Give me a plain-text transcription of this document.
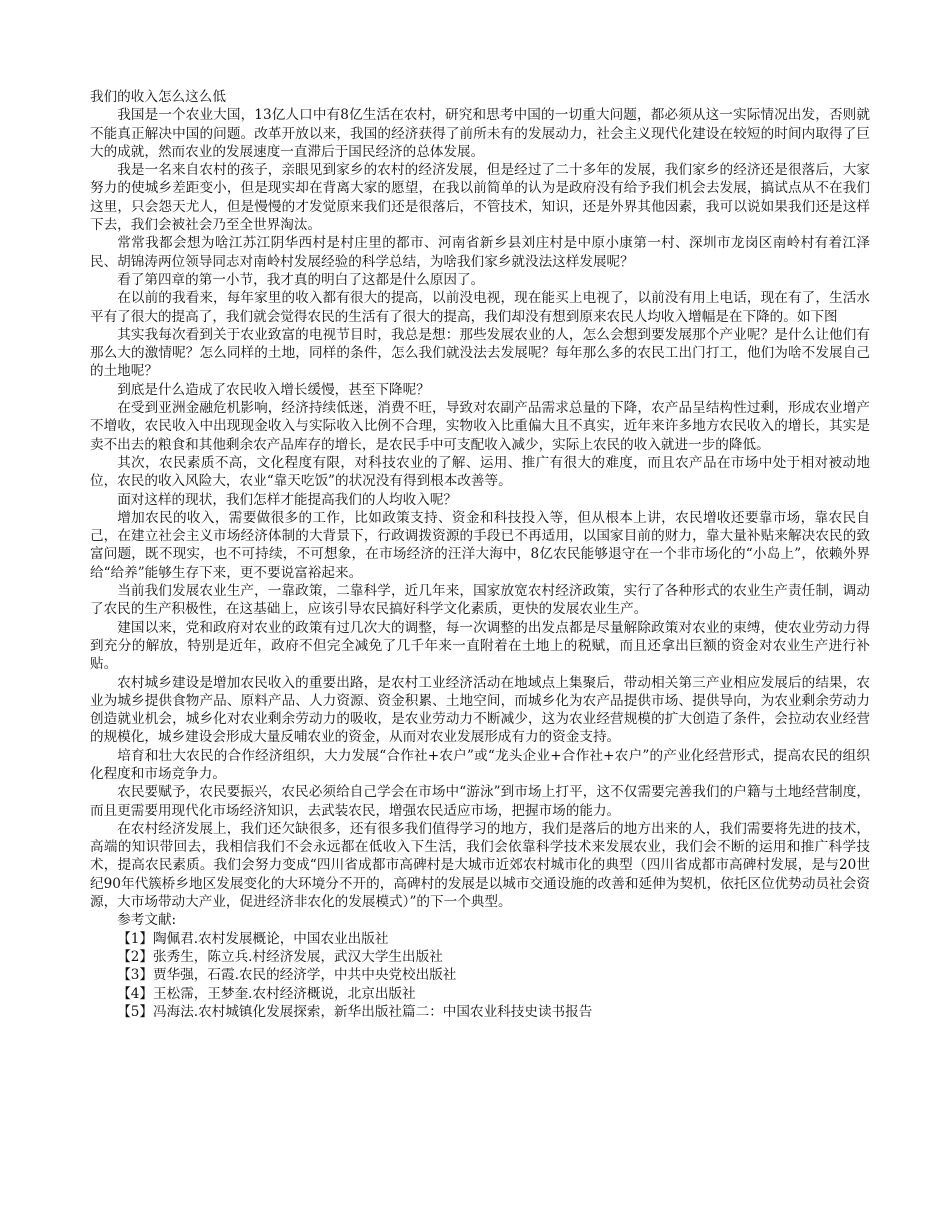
我们的收入怎么这么低

我国是一个农业大国，13亿人口中有8亿生活在农村，研究和思考中国的一切重大问题，都必须从这一实际情况出发，否则就不能真正解决中国的问题。改革开放以来，我国的经济获得了前所未有的发展动力，社会主义现代化建设在较短的时间内取得了巨大的成就，然而农业的发展速度一直滞后于国民经济的总体发展。

我是一名来自农村的孩子，亲眼见到家乡的农村的经济发展，但是经过了二十多年的发展，我们家乡的经济还是很落后，大家努力的使城乡差距变小，但是现实却在背离大家的愿望，在我以前简单的认为是政府没有给予我们机会去发展，搞试点从不在我们这里，只会怨天尤人，但是慢慢的才发觉原来我们还是很落后，不管技术，知识，还是外界其他因素，我可以说如果我们还是这样下去，我们会被社会乃至全世界淘汰。

常常我都会想为啥江苏江阴华西村是村庄里的都市、河南省新乡县刘庄村是中原小康第一村、深圳市龙岗区南岭村有着江泽民、胡锦涛两位领导同志对南岭村发展经验的科学总结，为啥我们家乡就没法这样发展呢？

看了第四章的第一小节，我才真的明白了这都是什么原因了。

在以前的我看来，每年家里的收入都有很大的提高，以前没电视，现在能买上电视了，以前没有用上电话，现在有了，生活水平有了很大的提高了，我们就会觉得农民的生活有了很大的提高，我们却没有想到原来农民人均收入增幅是在下降的。如下图

其实我每次看到关于农业致富的电视节目时，我总是想：那些发展农业的人，怎么会想到要发展那个产业呢？是什么让他们有那么大的激情呢？怎么同样的土地，同样的条件，怎么我们就没法去发展呢？每年那么多的农民工出门打工，他们为啥不发展自己的土地呢？

到底是什么造成了农民收入增长缓慢，甚至下降呢？

在受到亚洲金融危机影响，经济持续低迷，消费不旺，导致对农副产品需求总量的下降，农产品呈结构性过剩，形成农业增产不增收，农民收入中出现现金收入与实际收入比例不合理，实物收入比重偏大且不真实，近年来许多地方农民收入的增长，其实是卖不出去的粮食和其他剩余农产品库存的增长，是农民手中可支配收入减少，实际上农民的收入就进一步的降低。

其次，农民素质不高，文化程度有限，对科技农业的了解、运用、推广有很大的难度，而且农产品在市场中处于相对被动地位，农民的收入风险大，农业“靠天吃饭”的状况没有得到根本改善等。

面对这样的现状，我们怎样才能提高我们的人均收入呢？

增加农民的收入，需要做很多的工作，比如政策支持、资金和科技投入等，但从根本上讲，农民增收还要靠市场，靠农民自己，在建立社会主义市场经济体制的大背景下，行政调拨资源的手段已不再适用，以国家目前的财力，靠大量补贴来解决农民的致富问题，既不现实，也不可持续，不可想象，在市场经济的汪洋大海中，8亿农民能够退守在一个非市场化的“小岛上”，依赖外界给“给养”能够生存下来，更不要说富裕起来。

当前我们发展农业生产，一靠政策，二靠科学，近几年来，国家放宽农村经济政策，实行了各种形式的农业生产责任制，调动了农民的生产积极性，在这基础上，应该引导农民搞好科学文化素质，更快的发展农业生产。

建国以来，党和政府对农业的政策有过几次大的调整，每一次调整的出发点都是尽量解除政策对农业的束缚，使农业劳动力得到充分的解放，特别是近年，政府不但完全减免了几千年来一直附着在土地上的税赋，而且还拿出巨额的资金对农业生产进行补贴。

农村城乡建设是增加农民收入的重要出路，是农村工业经济活动在地域点上集聚后，带动相关第三产业相应发展后的结果，农业为城乡提供食物产品、原料产品、人力资源、资金积累、土地空间，而城乡化为农产品提供市场、提供导向，为农业剩余劳动力创造就业机会，城乡化对农业剩余劳动力的吸收，是农业劳动力不断减少，这为农业经营规模的扩大创造了条件，会拉动农业经营的规模化，城乡建设会形成大量反哺农业的资金，从而对农业发展形成有力的资金支持。

培育和壮大农民的合作经济组织，大力发展“合作社+农户”或“龙头企业+合作社+农户”的产业化经营形式，提高农民的组织化程度和市场竞争力。

农民要赋予，农民要振兴，农民必须给自己学会在市场中“游泳”到市场上打平，这不仅需要完善我们的户籍与土地经营制度，而且更需要用现代化市场经济知识，去武装农民，增强农民适应市场，把握市场的能力。

在农村经济发展上，我们还欠缺很多，还有很多我们值得学习的地方，我们是落后的地方出来的人，我们需要将先进的技术，高端的知识带回去，我相信我们不会永远都在低收入下生活，我们会依靠科学技术来发展农业，我们会不断的运用和推广科学技术，提高农民素质。我们会努力变成“四川省成都市高碑村是大城市近郊农村城市化的典型（四川省成都市高碑村发展，是与20世纪90年代簇桥乡地区发展变化的大环境分不开的，高碑村的发展是以城市交通设施的改善和延伸为契机，依托区位优势动员社会资源，大市场带动大产业，促进经济非农化的发展模式）”的下一个典型。

参考文献:

【1】陶佩君.农村发展概论，中国农业出版社
【2】张秀生，陈立兵.村经济发展，武汉大学生出版社
【3】贾华强，石霞.农民的经济学，中共中央党校出版社
【4】王松霈，王梦奎.农村经济概说，北京出版社
【5】冯海法.农村城镇化发展探索，新华出版社篇二：中国农业科技史读书报告
